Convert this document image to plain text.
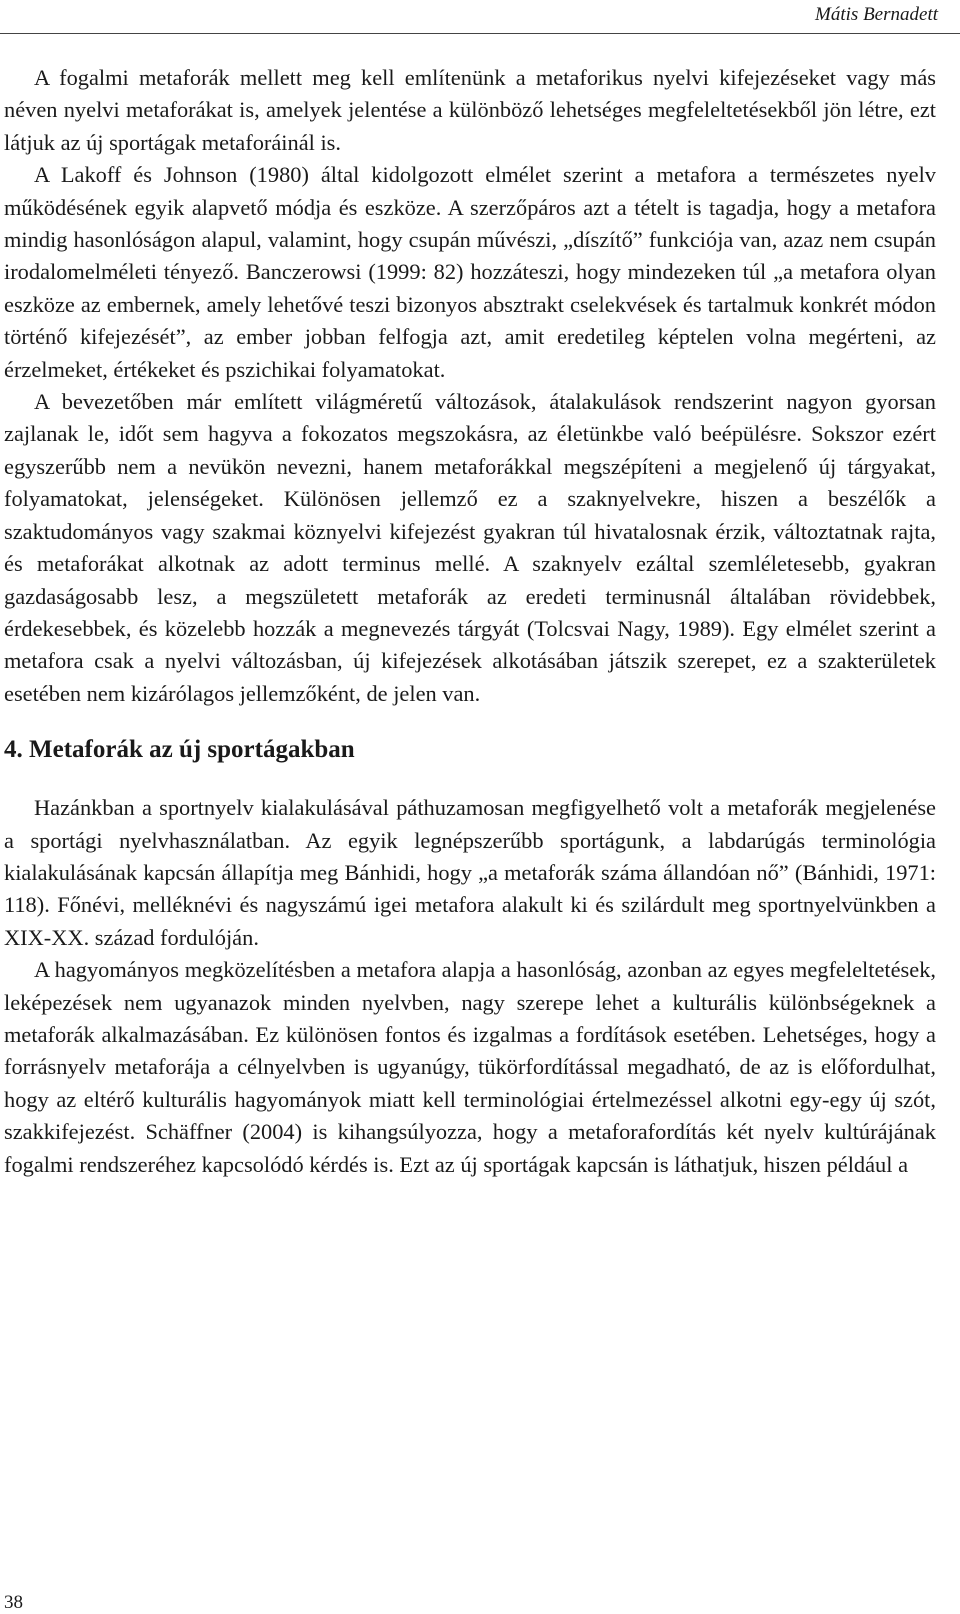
Mátis Bernadett

A fogalmi metaforák mellett meg kell említenünk a metaforikus nyelvi kifejezéseket vagy más néven nyelvi metaforákat is, amelyek jelentése a különböző lehetséges megfeleltetésekből jön létre, ezt látjuk az új sportágak metaforáinál is.

A Lakoff és Johnson (1980) által kidolgozott elmélet szerint a metafora a természetes nyelv működésének egyik alapvető módja és eszköze. A szerzőpáros azt a tételt is tagadja, hogy a metafora mindig hasonlóságon alapul, valamint, hogy csupán művészi, „díszítő” funkciója van, azaz nem csupán irodalomelméleti tényező. Banczerowsi (1999: 82) hozzáteszi, hogy mindezeken túl „a metafora olyan eszköze az embernek, amely lehetővé teszi bizonyos absztrakt cselekvések és tartalmuk konkrét módon történő kifejezését”, az ember jobban felfogja azt, amit eredetileg képtelen volna megérteni, az érzelmeket, értékeket és pszichikai folyamatokat.

A bevezetőben már említett világméretű változások, átalakulások rendszerint nagyon gyorsan zajlanak le, időt sem hagyva a fokozatos megszokásra, az életünkbe való beépülésre. Sokszor ezért egyszerűbb nem a nevükön nevezni, hanem metaforákkal megszépíteni a megjelenő új tárgyakat, folyamatokat, jelenségeket. Különösen jellemző ez a szaknyelvekre, hiszen a beszélők a szaktudományos vagy szakmai köznyelvi kifejezést gyakran túl hivatalosnak érzik, változtatnak rajta, és metaforákat alkotnak az adott terminus mellé. A szaknyelv ezáltal szemléletesebb, gyakran gazdaságosabb lesz, a megszületett metaforák az eredeti terminusnál általában rövidebbek, érdekesebbek, és közelebb hozzák a megnevezés tárgyát (Tolcsvai Nagy, 1989). Egy elmélet szerint a metafora csak a nyelvi változásban, új kifejezések alkotásában játszik szerepet, ez a szakterületek esetében nem kizárólagos jellemzőként, de jelen van.

4. Metaforák az új sportágakban

Hazánkban a sportnyelv kialakulásával páthuzamosan megfigyelhető volt a metaforák megjelenése a sportági nyelvhasználatban. Az egyik legnépszerűbb sportágunk, a labdarúgás terminológia kialakulásának kapcsán állapítja meg Bánhidi, hogy „a metaforák száma állandóan nő” (Bánhidi, 1971: 118). Főnévi, melléknévi és nagyszámú igei metafora alakult ki és szilárdult meg sportnyelvünkben a XIX-XX. század fordulóján.

A hagyományos megközelítésben a metafora alapja a hasonlóság, azonban az egyes megfeleltetések, leképezések nem ugyanazok minden nyelvben, nagy szerepe lehet a kulturális különbségeknek a metaforák alkalmazásában. Ez különösen fontos és izgalmas a fordítások esetében. Lehetséges, hogy a forrásnyelv metaforája a célnyelvben is ugyanúgy, tükörfordítással megadható, de az is előfordulhat, hogy az eltérő kulturális hagyományok miatt kell terminológiai értelmezéssel alkotni egy-egy új szót, szakkifejezést. Schäffner (2004) is kihangsúlyozza, hogy a metaforafordítás két nyelv kultúrájának fogalmi rendszeréhez kapcsolódó kérdés is. Ezt az új sportágak kapcsán is láthatjuk, hiszen például a

38
